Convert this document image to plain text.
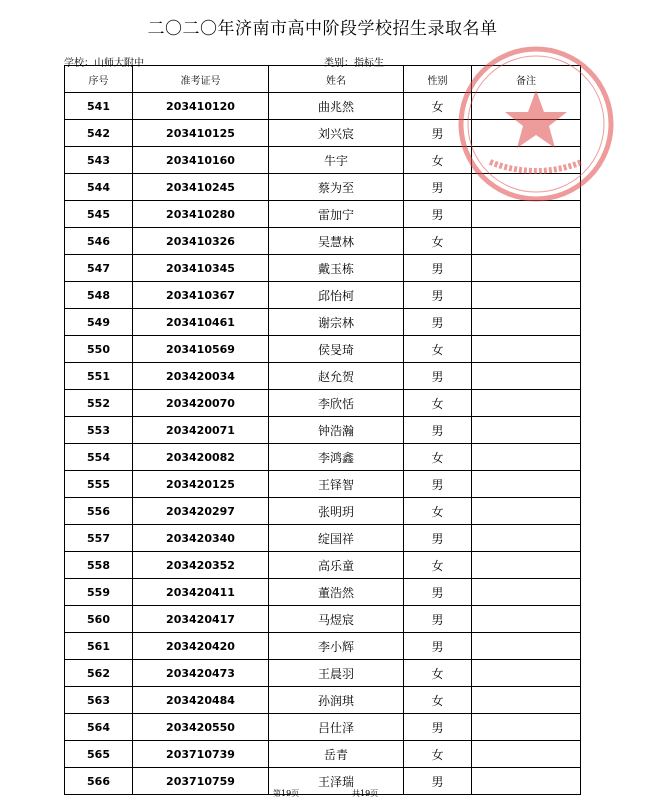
二〇二〇年济南市高中阶段学校招生录取名单
学校：山师大附中	类别：指标生
序号	准考证号	姓名	性别	备注
541	203410120	曲兆然	女	
542	203410125	刘兴宸	男	
543	203410160	牛宇	女	
544	203410245	蔡为至	男	
545	203410280	雷加宁	男	
546	203410326	吴慧林	女	
547	203410345	戴玉栋	男	
548	203410367	邱怡柯	男	
549	203410461	谢宗林	男	
550	203410569	侯旻琦	女	
551	203420034	赵允贺	男	
552	203420070	李欣恬	女	
553	203420071	钟浩瀚	男	
554	203420082	李鸿鑫	女	
555	203420125	王铎智	男	
556	203420297	张明玥	女	
557	203420340	绽国祥	男	
558	203420352	高乐童	女	
559	203420411	董浩然	男	
560	203420417	马煜宸	男	
561	203420420	李小辉	男	
562	203420473	王晨羽	女	
563	203420484	孙润琪	女	
564	203420550	吕仕泽	男	
565	203710739	岳青	女	
566	203710759	王泽瑞	男	
第19页	共19页
